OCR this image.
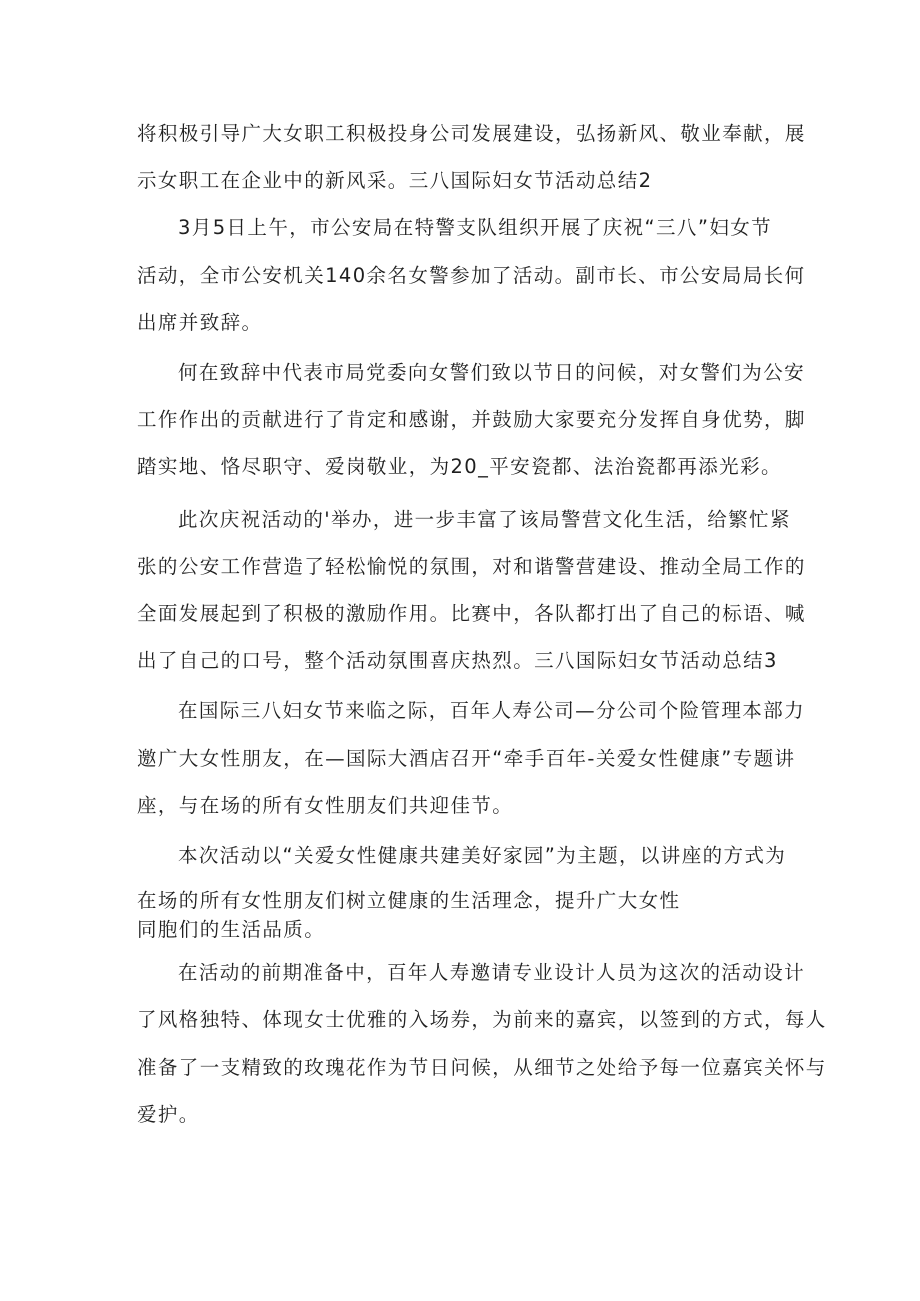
将积极引导广大女职工积极投身公司发展建设，弘扬新风、敬业奉献，展
示女职工在企业中的新风采。三八国际妇女节活动总结2
3月5日上午，市公安局在特警支队组织开展了庆祝“三八”妇女节
活动，全市公安机关140余名女警参加了活动。副市长、市公安局局长何
出席并致辞。
何在致辞中代表市局党委向女警们致以节日的问候，对女警们为公安
工作作出的贡献进行了肯定和感谢，并鼓励大家要充分发挥自身优势，脚
踏实地、恪尽职守、爱岗敬业，为20_平安瓷都、法治瓷都再添光彩。
此次庆祝活动的'举办，进一步丰富了该局警营文化生活，给繁忙紧
张的公安工作营造了轻松愉悦的氛围，对和谐警营建设、推动全局工作的
全面发展起到了积极的激励作用。比赛中，各队都打出了自己的标语、喊
出了自己的口号，整个活动氛围喜庆热烈。三八国际妇女节活动总结3
在国际三八妇女节来临之际，百年人寿公司—分公司个险管理本部力
邀广大女性朋友，在—国际大酒店召开“牵手百年-关爱女性健康”专题讲
座，与在场的所有女性朋友们共迎佳节。
本次活动以“关爱女性健康共建美好家园”为主题，以讲座的方式为
在场的所有女性朋友们树立健康的生活理念，提升广大女性
同胞们的生活品质。
在活动的前期准备中，百年人寿邀请专业设计人员为这次的活动设计
了风格独特、体现女士优雅的入场券，为前来的嘉宾，以签到的方式，每人
准备了一支精致的玫瑰花作为节日问候，从细节之处给予每一位嘉宾关怀与
爱护。
